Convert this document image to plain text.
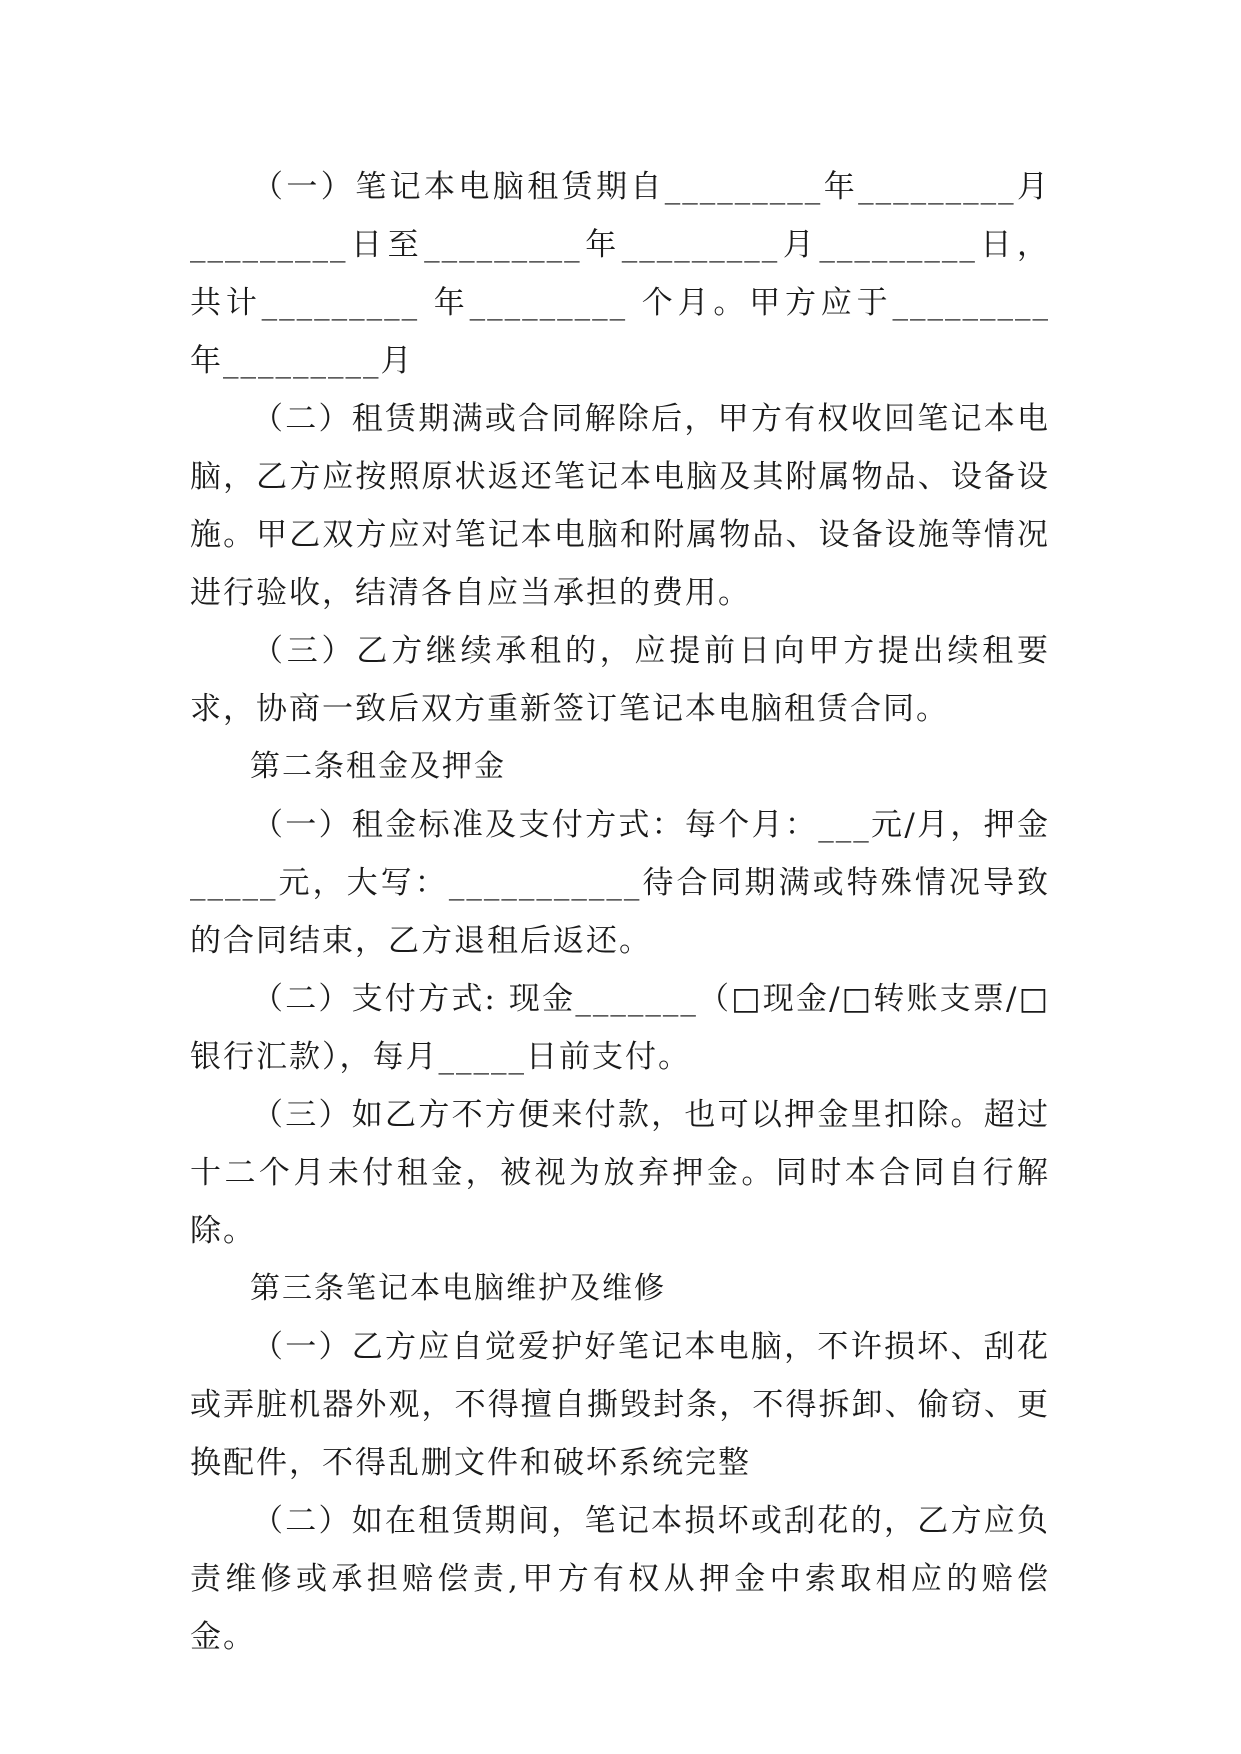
（一）笔记本电脑租赁期自_________年_________月_________日至_________年_________月_________日，共计_________ 年_________ 个月。甲方应于_________ 年_________月

（二）租赁期满或合同解除后，甲方有权收回笔记本电脑，乙方应按照原状返还笔记本电脑及其附属物品、设备设施。甲乙双方应对笔记本电脑和附属物品、设备设施等情况进行验收，结清各自应当承担的费用。

（三）乙方继续承租的，应提前日向甲方提出续租要求，协商一致后双方重新签订笔记本电脑租赁合同。

第二条租金及押金

（一）租金标准及支付方式：每个月：___元/月，押金_____元，大写：___________待合同期满或特殊情况导致的合同结束，乙方退租后返还。

（二）支付方式: 现金_______（□现金/□转账支票/□银行汇款），每月_____日前支付。

（三）如乙方不方便来付款，也可以押金里扣除。超过十二个月未付租金，被视为放弃押金。同时本合同自行解除。

第三条笔记本电脑维护及维修

（一）乙方应自觉爱护好笔记本电脑，不许损坏、刮花或弄脏机器外观，不得擅自撕毁封条，不得拆卸、偷窃、更换配件，不得乱删文件和破坏系统完整

（二）如在租赁期间，笔记本损坏或刮花的，乙方应负责维修或承担赔偿责,甲方有权从押金中索取相应的赔偿金。
